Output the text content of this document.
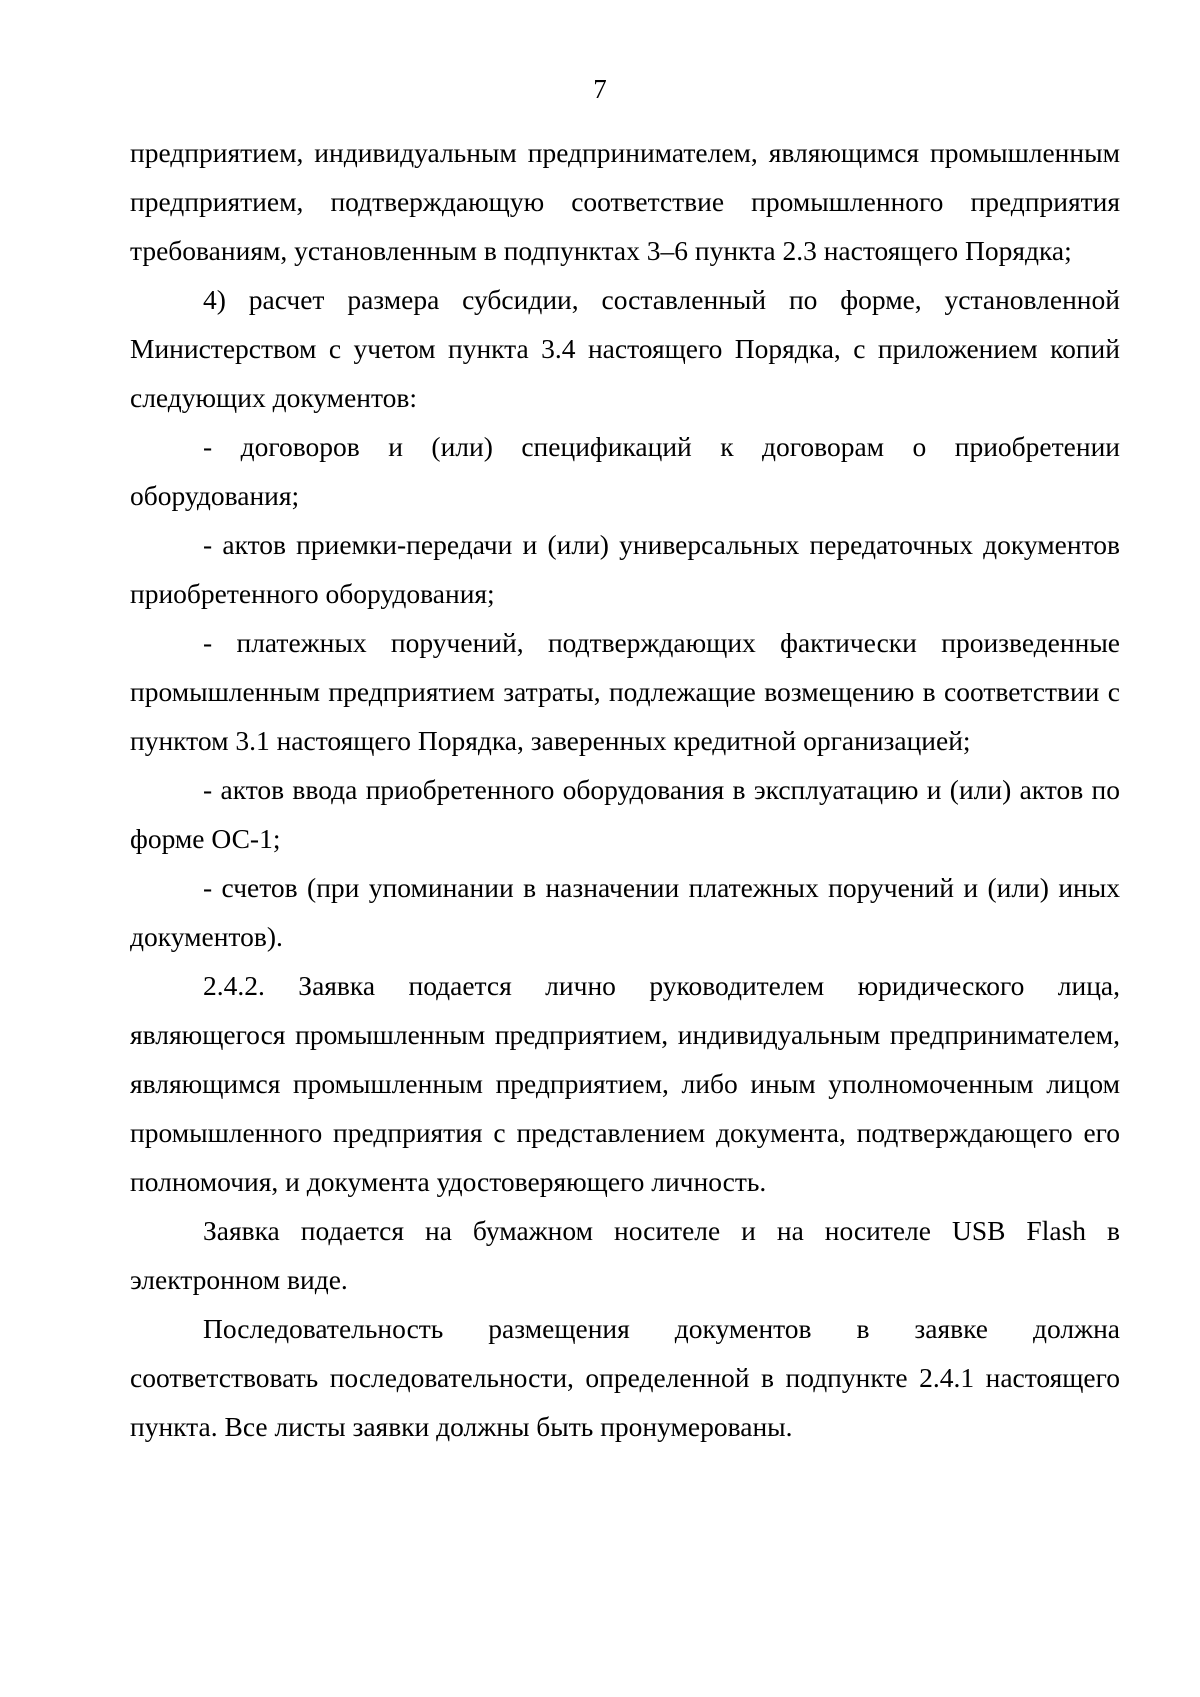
7

предприятием, индивидуальным предпринимателем, являющимся промышленным предприятием, подтверждающую соответствие промышленного предприятия требованиям, установленным в подпунктах 3–6 пункта 2.3 настоящего Порядка;

4) расчет размера субсидии, составленный по форме, установленной Министерством с учетом пункта 3.4 настоящего Порядка, с приложением копий следующих документов:

- договоров и (или) спецификаций к договорам о приобретении оборудования;

- актов приемки-передачи и (или) универсальных передаточных документов приобретенного оборудования;

- платежных поручений, подтверждающих фактически произведенные промышленным предприятием затраты, подлежащие возмещению в соответствии с пунктом 3.1 настоящего Порядка, заверенных кредитной организацией;

- актов ввода приобретенного оборудования в эксплуатацию и (или) актов по форме ОС-1;

- счетов (при упоминании в назначении платежных поручений и (или) иных документов).

2.4.2. Заявка подается лично руководителем юридического лица, являющегося промышленным предприятием, индивидуальным предпринимателем, являющимся промышленным предприятием, либо иным уполномоченным лицом промышленного предприятия с представлением документа, подтверждающего его полномочия, и документа удостоверяющего личность.

Заявка подается на бумажном носителе и на носителе USB Flash в электронном виде.

Последовательность размещения документов в заявке должна соответствовать последовательности, определенной в подпункте 2.4.1 настоящего пункта. Все листы заявки должны быть пронумерованы.
